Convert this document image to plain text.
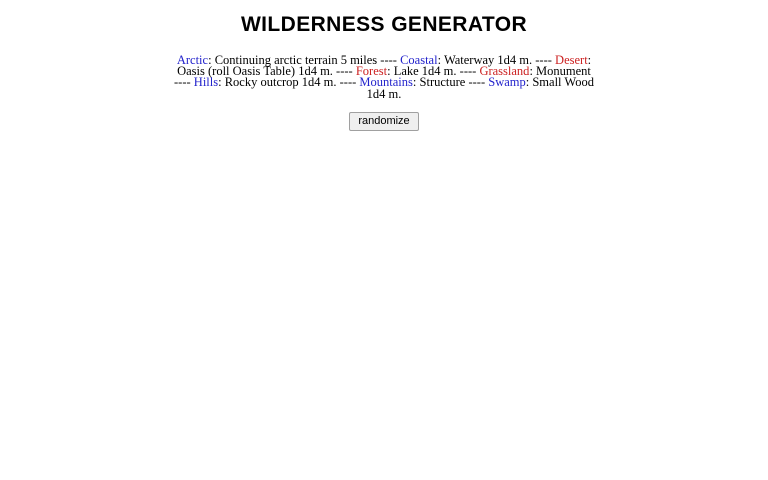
WILDERNESS GENERATOR
Arctic: Continuing arctic terrain 5 miles ---- Coastal: Waterway 1d4 m. ---- Desert: Oasis (roll Oasis Table) 1d4 m. ---- Forest: Lake 1d4 m. ---- Grassland: Monument ---- Hills: Rocky outcrop 1d4 m. ---- Mountains: Structure ---- Swamp: Small Wood 1d4 m.
randomize
